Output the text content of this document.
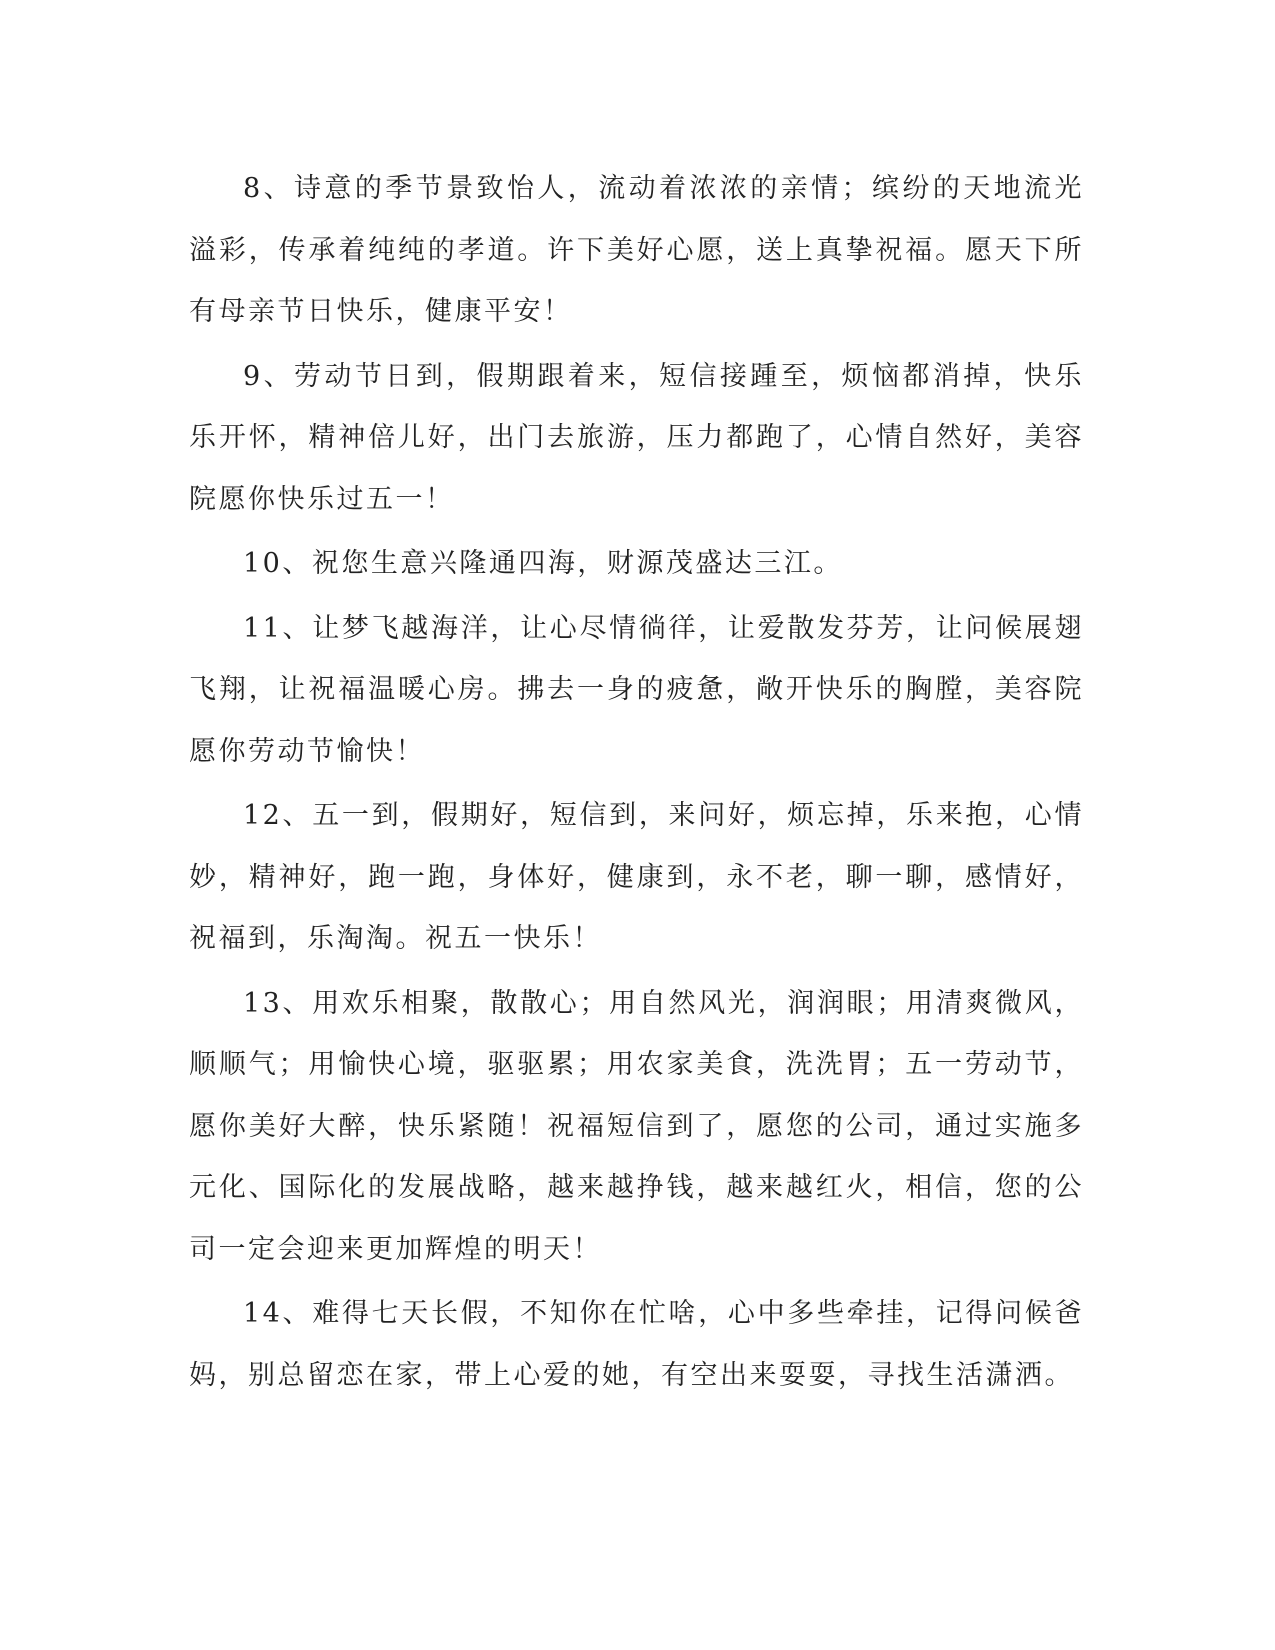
8、诗意的季节景致怡人，流动着浓浓的亲情；缤纷的天地流光溢彩，传承着纯纯的孝道。许下美好心愿，送上真挚祝福。愿天下所有母亲节日快乐，健康平安！

9、劳动节日到，假期跟着来，短信接踵至，烦恼都消掉，快乐乐开怀，精神倍儿好，出门去旅游，压力都跑了，心情自然好，美容院愿你快乐过五一！

10、祝您生意兴隆通四海，财源茂盛达三江。

11、让梦飞越海洋，让心尽情徜徉，让爱散发芬芳，让问候展翅飞翔，让祝福温暖心房。拂去一身的疲惫，敞开快乐的胸膛，美容院愿你劳动节愉快！

12、五一到，假期好，短信到，来问好，烦忘掉，乐来抱，心情妙，精神好，跑一跑，身体好，健康到，永不老，聊一聊，感情好，祝福到，乐淘淘。祝五一快乐！

13、用欢乐相聚，散散心；用自然风光，润润眼；用清爽微风，顺顺气；用愉快心境，驱驱累；用农家美食，洗洗胃；五一劳动节，愿你美好大醉，快乐紧随！祝福短信到了，愿您的公司，通过实施多元化、国际化的发展战略，越来越挣钱，越来越红火，相信，您的公司一定会迎来更加辉煌的明天！

14、难得七天长假，不知你在忙啥，心中多些牵挂，记得问候爸妈，别总留恋在家，带上心爱的她，有空出来耍耍，寻找生活潇洒。
